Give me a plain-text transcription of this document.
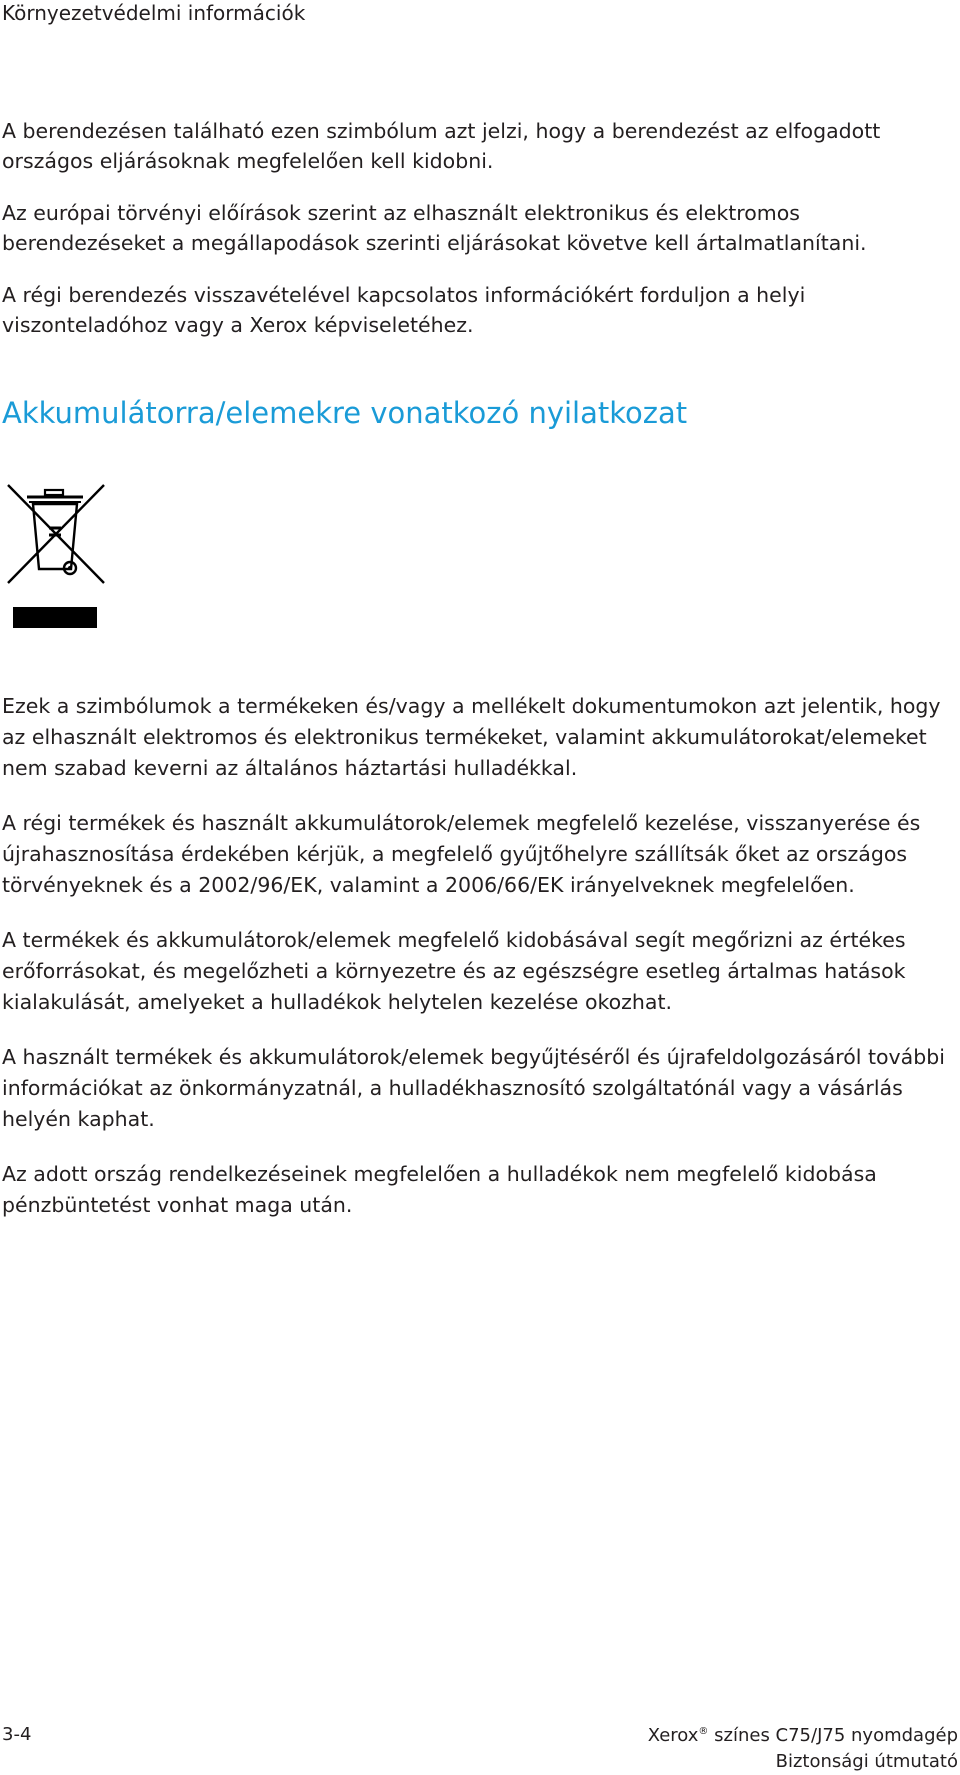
Környezetvédelmi információk

A berendezésen található ezen szimbólum azt jelzi, hogy a berendezést az elfogadott országos eljárásoknak megfelelően kell kidobni.

Az európai törvényi előírások szerint az elhasznált elektronikus és elektromos berendezéseket a megállapodások szerinti eljárásokat követve kell ártalmatlanítani.

A régi berendezés visszavételével kapcsolatos információkért forduljon a helyi viszonteladóhoz vagy a Xerox képviseletéhez.

Akkumulátorra/elemekre vonatkozó nyilatkozat

Ezek a szimbólumok a termékeken és/vagy a mellékelt dokumentumokon azt jelentik, hogy az elhasznált elektromos és elektronikus termékeket, valamint akkumulátorokat/elemeket nem szabad keverni az általános háztartási hulladékkal.

A régi termékek és használt akkumulátorok/elemek megfelelő kezelése, visszanyerése és újrahasznosítása érdekében kérjük, a megfelelő gyűjtőhelyre szállítsák őket az országos törvényeknek és a 2002/96/EK, valamint a 2006/66/EK irányelveknek megfelelően.

A termékek és akkumulátorok/elemek megfelelő kidobásával segít megőrizni az értékes erőforrásokat, és megelőzheti a környezetre és az egészségre esetleg ártalmas hatások kialakulását, amelyeket a hulladékok helytelen kezelése okozhat.

A használt termékek és akkumulátorok/elemek begyűjtéséről és újrafeldolgozásáról további információkat az önkormányzatnál, a hulladékhasznosító szolgáltatónál vagy a vásárlás helyén kaphat.

Az adott ország rendelkezéseinek megfelelően a hulladékok nem megfelelő kidobása pénzbüntetést vonhat maga után.

3-4	Xerox® színes C75/J75 nyomdagép
Biztonsági útmutató
